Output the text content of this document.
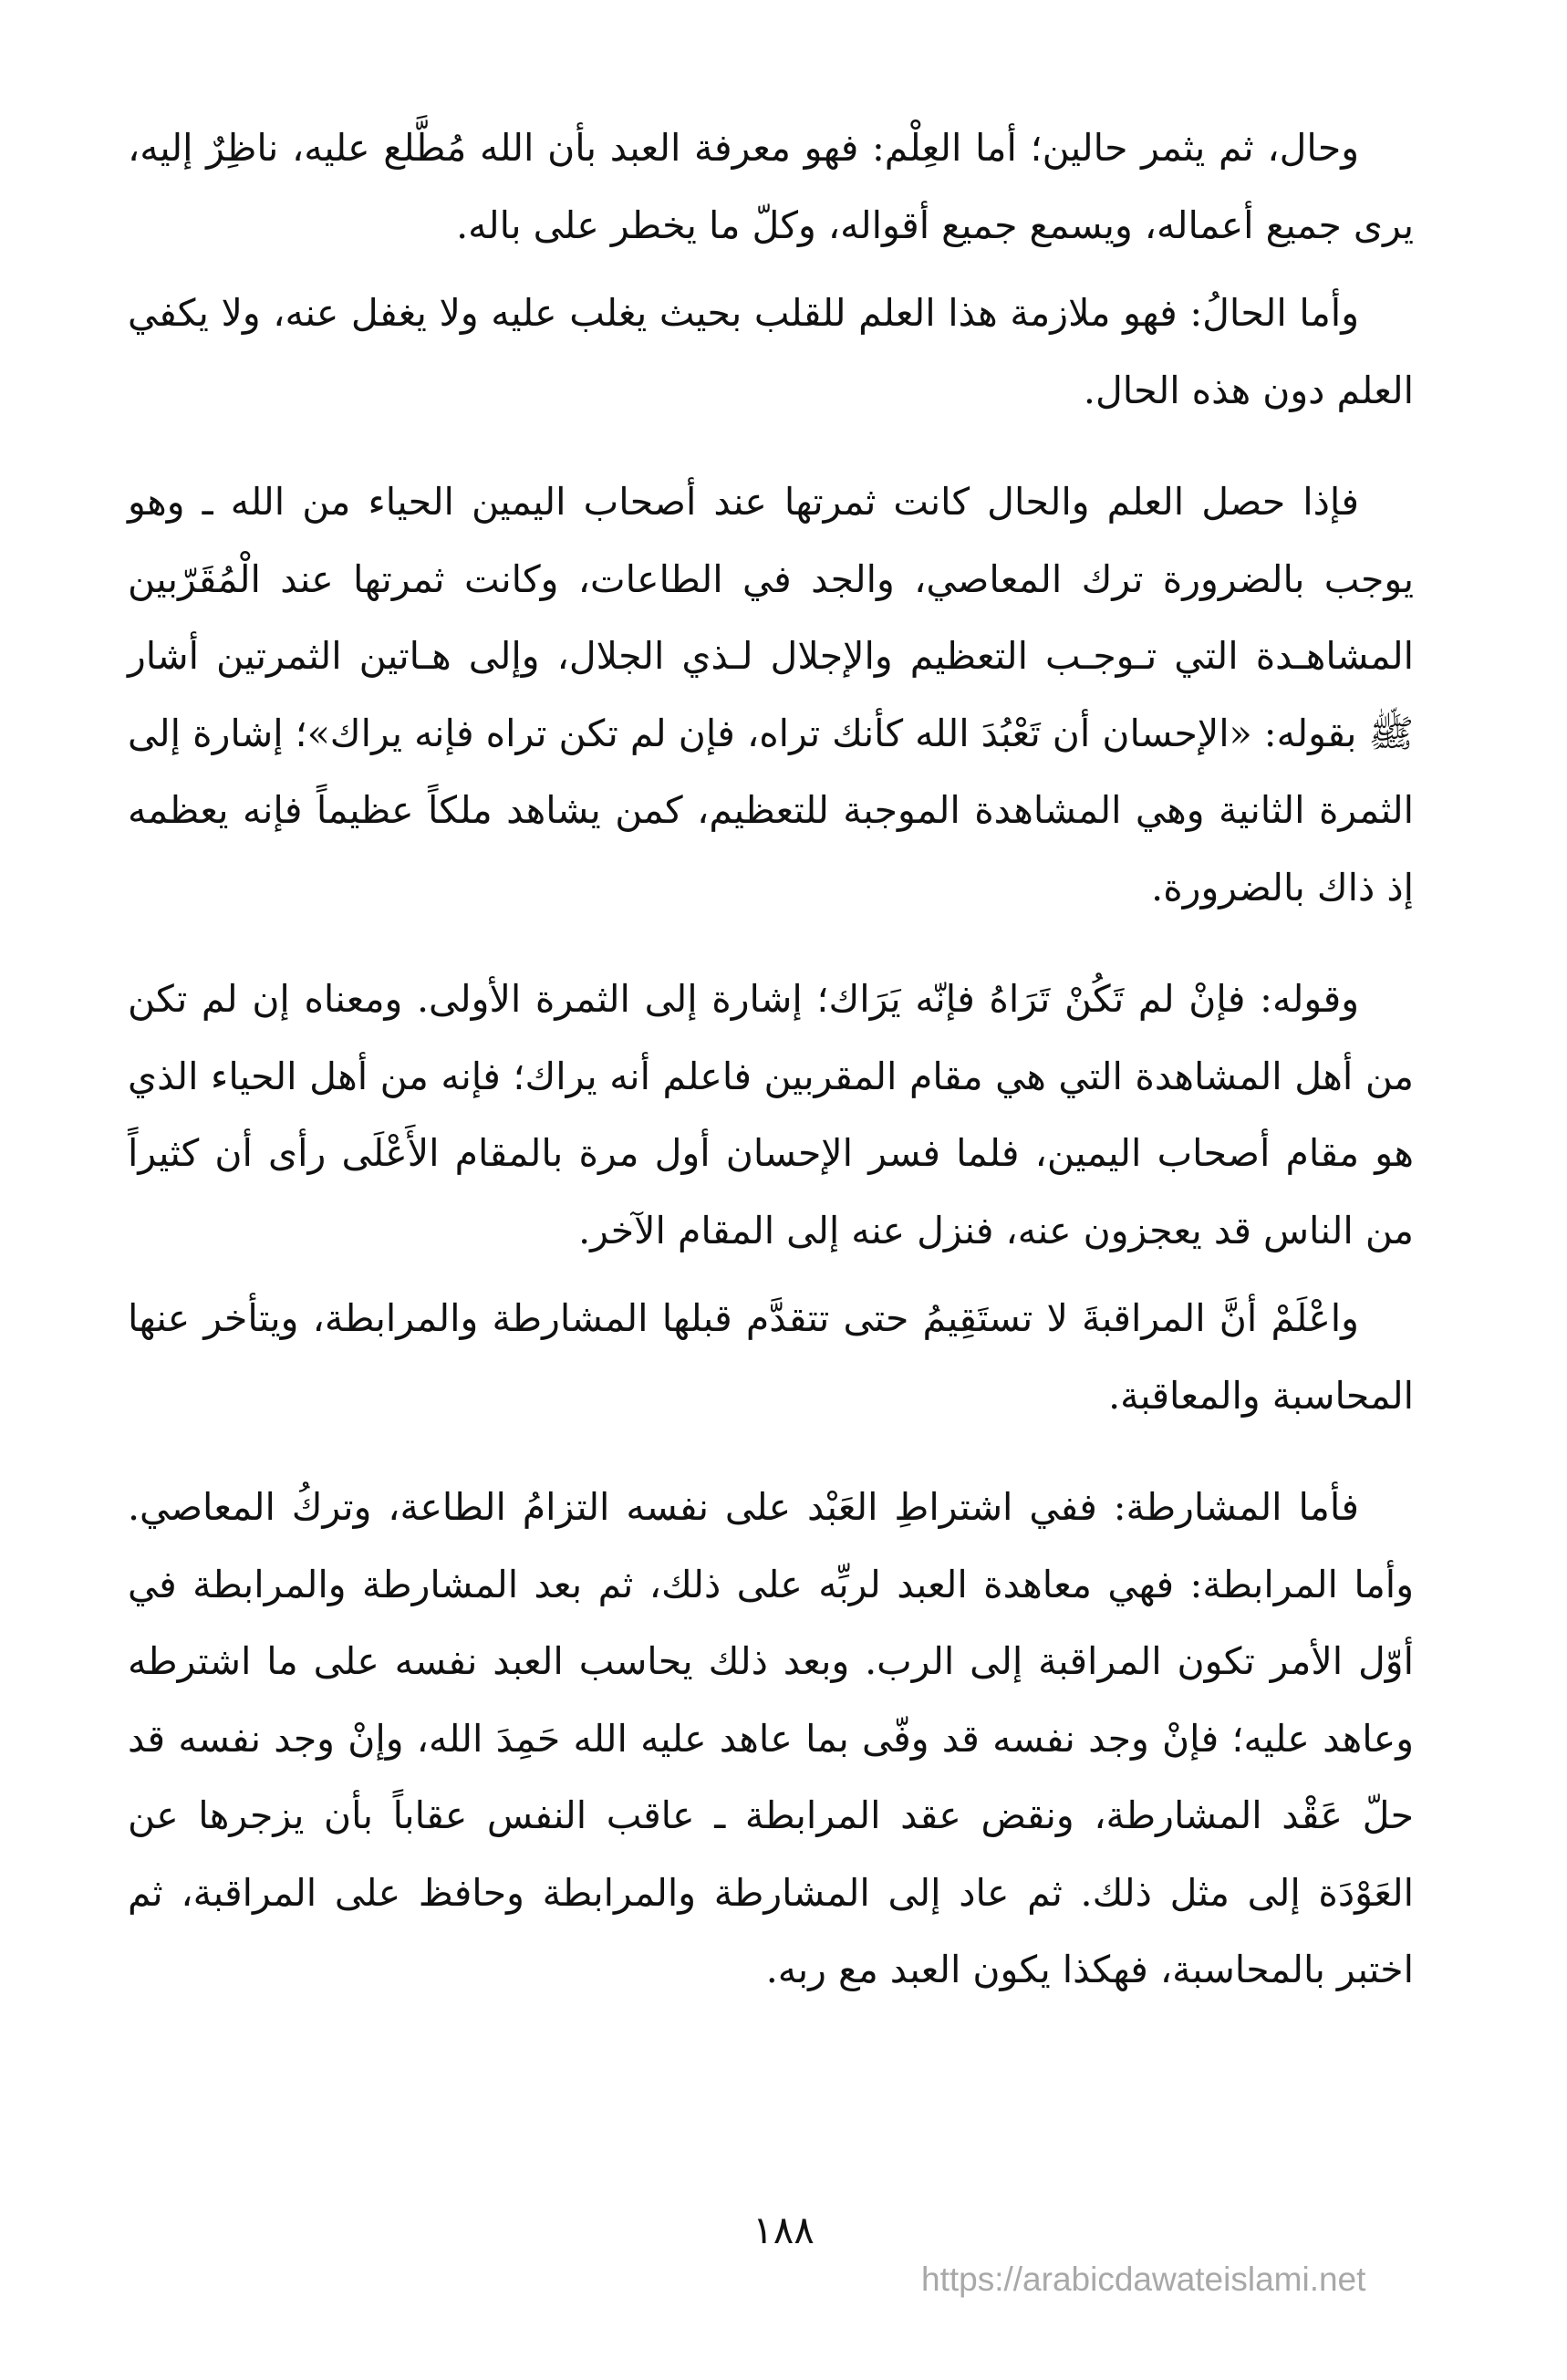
وحال، ثم يثمر حالين؛ أما العِلْم: فهو معرفة العبد بأن الله مُطَّلع عليه، ناظِرٌ إليه، يرى جميع أعماله، ويسمع جميع أقواله، وكلّ ما يخطر على باله.

وأما الحالُ: فهو ملازمة هذا العلم للقلب بحيث يغلب عليه ولا يغفل عنه، ولا يكفي العلم دون هذه الحال.

فإذا حصل العلم والحال كانت ثمرتها عند أصحاب اليمين الحياء من الله ـ وهو يوجب بالضرورة ترك المعاصي، والجد في الطاعات، وكانت ثمرتها عند الْمُقَرّبين المشاهـدة التي تـوجـب التعظيم والإجلال لـذي الجلال، وإلى هـاتين الثمرتين أشار ﷺ بقوله: «الإحسان أن تَعْبُدَ الله كأنك تراه، فإن لم تكن تراه فإنه يراك»؛ إشارة إلى الثمرة الثانية وهي المشاهدة الموجبة للتعظيم، كمن يشاهد ملكاً عظيماً فإنه يعظمه إذ ذاك بالضرورة.

وقوله: فإنْ لم تَكُنْ تَرَاهُ فإنّه يَرَاك؛ إشارة إلى الثمرة الأولى. ومعناه إن لم تكن من أهل المشاهدة التي هي مقام المقربين فاعلم أنه يراك؛ فإنه من أهل الحياء الذي هو مقام أصحاب اليمين، فلما فسر الإحسان أول مرة بالمقام الأَعْلَى رأى أن كثيراً من الناس قد يعجزون عنه، فنزل عنه إلى المقام الآخر.

واعْلَمْ أنَّ المراقبةَ لا تستَقِيمُ حتى تتقدَّم قبلها المشارطة والمرابطة، ويتأخر عنها المحاسبة والمعاقبة.

فأما المشارطة: ففي اشتراطِ العَبْد على نفسه التزامُ الطاعة، وتركُ المعاصي. وأما المرابطة: فهي معاهدة العبد لربِّه على ذلك، ثم بعد المشارطة والمرابطة في أوّل الأمر تكون المراقبة إلى الرب. وبعد ذلك يحاسب العبد نفسه على ما اشترطه وعاهد عليه؛ فإنْ وجد نفسه قد وفّى بما عاهد عليه الله حَمِدَ الله، وإنْ وجد نفسه قد حلّ عَقْد المشارطة، ونقض عقد المرابطة ـ عاقب النفس عقاباً بأن يزجرها عن العَوْدَة إلى مثل ذلك. ثم عاد إلى المشارطة والمرابطة وحافظ على المراقبة، ثم اختبر بالمحاسبة، فهكذا يكون العبد مع ربه.

١٨٨
https://arabicdawateislami.net
